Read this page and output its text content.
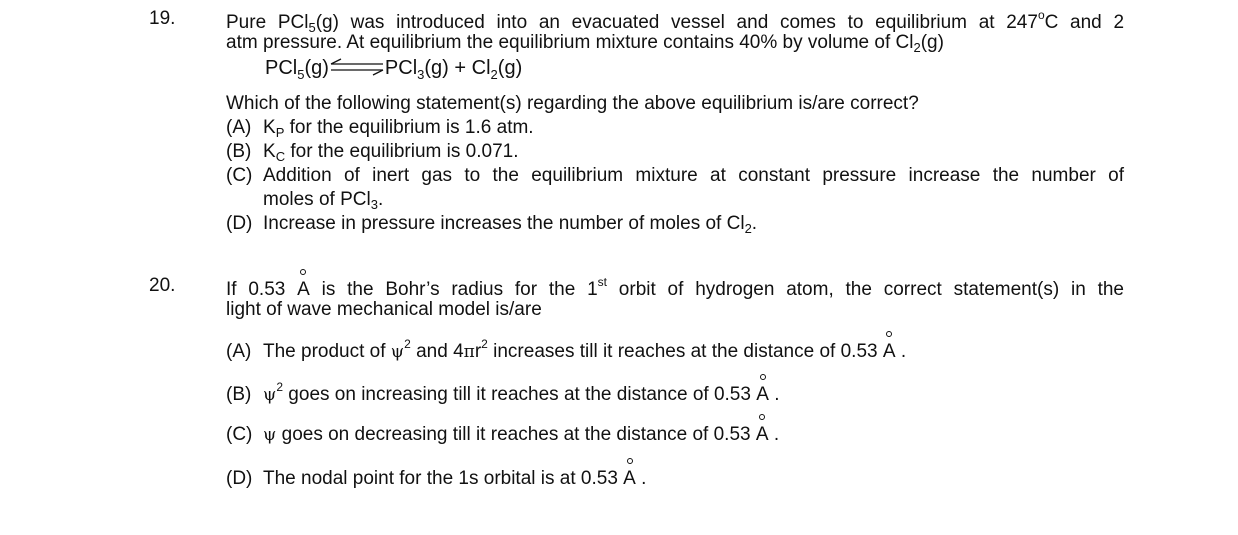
19.	Pure PCl$_5$(g) was introduced into an evacuated vessel and comes to equilibrium at 247$^o$C and 2
atm pressure. At equilibrium the equilibrium mixture contains 40% by volume of $Cl_2(g)$
PCl$_5$(g)⇌PCl$_3$(g) + $Cl_2(g)$
Which of the following statement(s) regarding the above equilibrium is/are correct?
(A) $K_P$ for the equilibrium is 1.6 atm.
(B) $K_C$ for the equilibrium is 0.071.
(C) Addition of inert gas to the equilibrium mixture at constant pressure increase the number of
moles of PCl$_3$.
(D) Increase in pressure increases the number of moles of $Cl_2$.
20.	If 0.53 A is the Bohr’s radius for the 1st orbit of hydrogen atom, the correct statement(s) in the
light of wave mechanical model is/are
(A) The product of $\psi^2$ and $4\pi r^2$ increases till it reaches at the distance of 0.53 A .
(B) $\psi^2$ goes on increasing till it reaches at the distance of 0.53 A .
(C) ψ goes on decreasing till it reaches at the distance of 0.53 A .
(D) The nodal point for the 1s orbital is at 0.53 A .
